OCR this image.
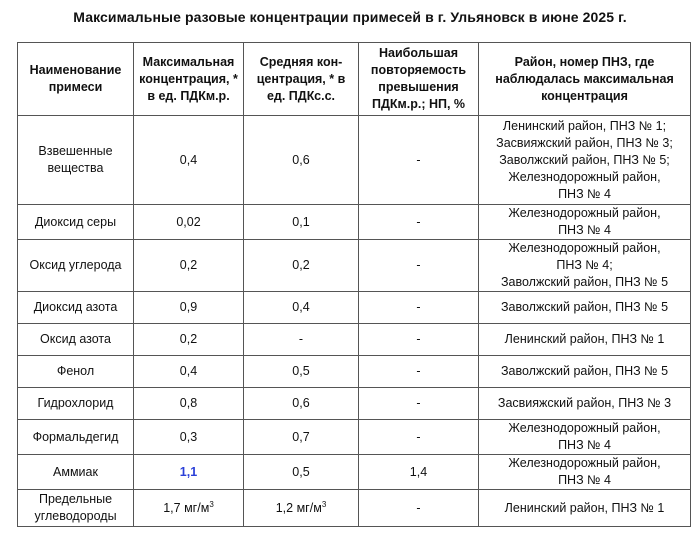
Максимальные разовые концентрации примесей в г. Ульяновск в июне 2025 г.
Наименование примеси	Максимальная концентрация, * в ед. ПДКм.р.	Средняя кон-центрация, * в ед. ПДКс.с.	Наибольшая повторяемость превышения ПДКм.р.; НП, %	Район, номер ПНЗ, где наблюдалась максимальная концентрация
Взвешенные вещества	0,4	0,6	-	Ленинский район, ПНЗ № 1;
Засвияжский район, ПНЗ № 3;
Заволжский район, ПНЗ № 5;
Железнодорожный район,
ПНЗ № 4

Диоксид серы	0,02	0,1	-	Железнодорожный район,
ПНЗ № 4

Оксид углерода	0,2	0,2	-	Железнодорожный район,
ПНЗ № 4;
Заволжский район, ПНЗ № 5

Диоксид азота	0,9	0,4	-	Заволжский район, ПНЗ № 5

Оксид азота	0,2	-	-	Ленинский район, ПНЗ № 1

Фенол	0,4	0,5	-	Заволжский район, ПНЗ № 5

Гидрохлорид	0,8	0,6	-	Засвияжский район, ПНЗ № 3

Формальдегид	0,3	0,7	-	Железнодорожный район,
ПНЗ № 4

Аммиак	1,1	0,5	1,4	Железнодорожный район,
ПНЗ № 4

Предельные углеводороды	1,7 $мг/м^3$	1,2 $мг/м^3$	-	Ленинский район, ПНЗ № 1
